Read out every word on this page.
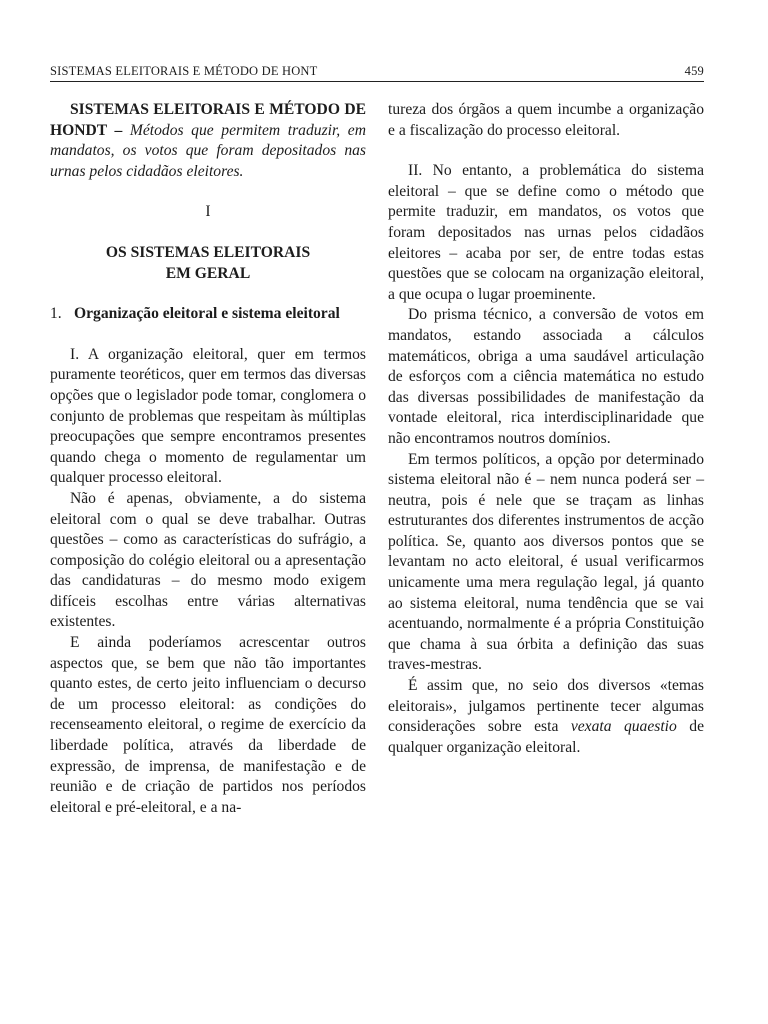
SISTEMAS ELEITORAIS E MÉTODO DE HONT	459

SISTEMAS ELEITORAIS E MÉTODO DE HONDT – Métodos que permitem traduzir, em mandatos, os votos que foram depositados nas urnas pelos cidadãos eleitores.

I

OS SISTEMAS ELEITORAIS
EM GERAL

1. Organização eleitoral e sistema eleitoral

I. A organização eleitoral, quer em termos puramente teoréticos, quer em termos das diversas opções que o legislador pode tomar, conglomera o conjunto de problemas que respeitam às múltiplas preocupações que sempre encontramos presentes quando chega o momento de regulamentar um qualquer processo eleitoral.

Não é apenas, obviamente, a do sistema eleitoral com o qual se deve trabalhar. Outras questões – como as características do sufrágio, a composição do colégio eleitoral ou a apresentação das candidaturas – do mesmo modo exigem difíceis escolhas entre várias alternativas existentes.

E ainda poderíamos acrescentar outros aspectos que, se bem que não tão importantes quanto estes, de certo jeito influenciam o decurso de um processo eleitoral: as condições do recenseamento eleitoral, o regime de exercício da liberdade política, através da liberdade de expressão, de imprensa, de manifestação e de reunião e de criação de partidos nos períodos eleitoral e pré-eleitoral, e a na-

tureza dos órgãos a quem incumbe a organização e a fiscalização do processo eleitoral.

II. No entanto, a problemática do sistema eleitoral – que se define como o método que permite traduzir, em mandatos, os votos que foram depositados nas urnas pelos cidadãos eleitores – acaba por ser, de entre todas estas questões que se colocam na organização eleitoral, a que ocupa o lugar proeminente.

Do prisma técnico, a conversão de votos em mandatos, estando associada a cálculos matemáticos, obriga a uma saudável articulação de esforços com a ciência matemática no estudo das diversas possibilidades de manifestação da vontade eleitoral, rica interdisciplinaridade que não encontramos noutros domínios.

Em termos políticos, a opção por determinado sistema eleitoral não é – nem nunca poderá ser – neutra, pois é nele que se traçam as linhas estruturantes dos diferentes instrumentos de acção política. Se, quanto aos diversos pontos que se levantam no acto eleitoral, é usual verificarmos unicamente uma mera regulação legal, já quanto ao sistema eleitoral, numa tendência que se vai acentuando, normalmente é a própria Constituição que chama à sua órbita a definição das suas traves-mestras.

É assim que, no seio dos diversos «temas eleitorais», julgamos pertinente tecer algumas considerações sobre esta vexata quaestio de qualquer organização eleitoral.
